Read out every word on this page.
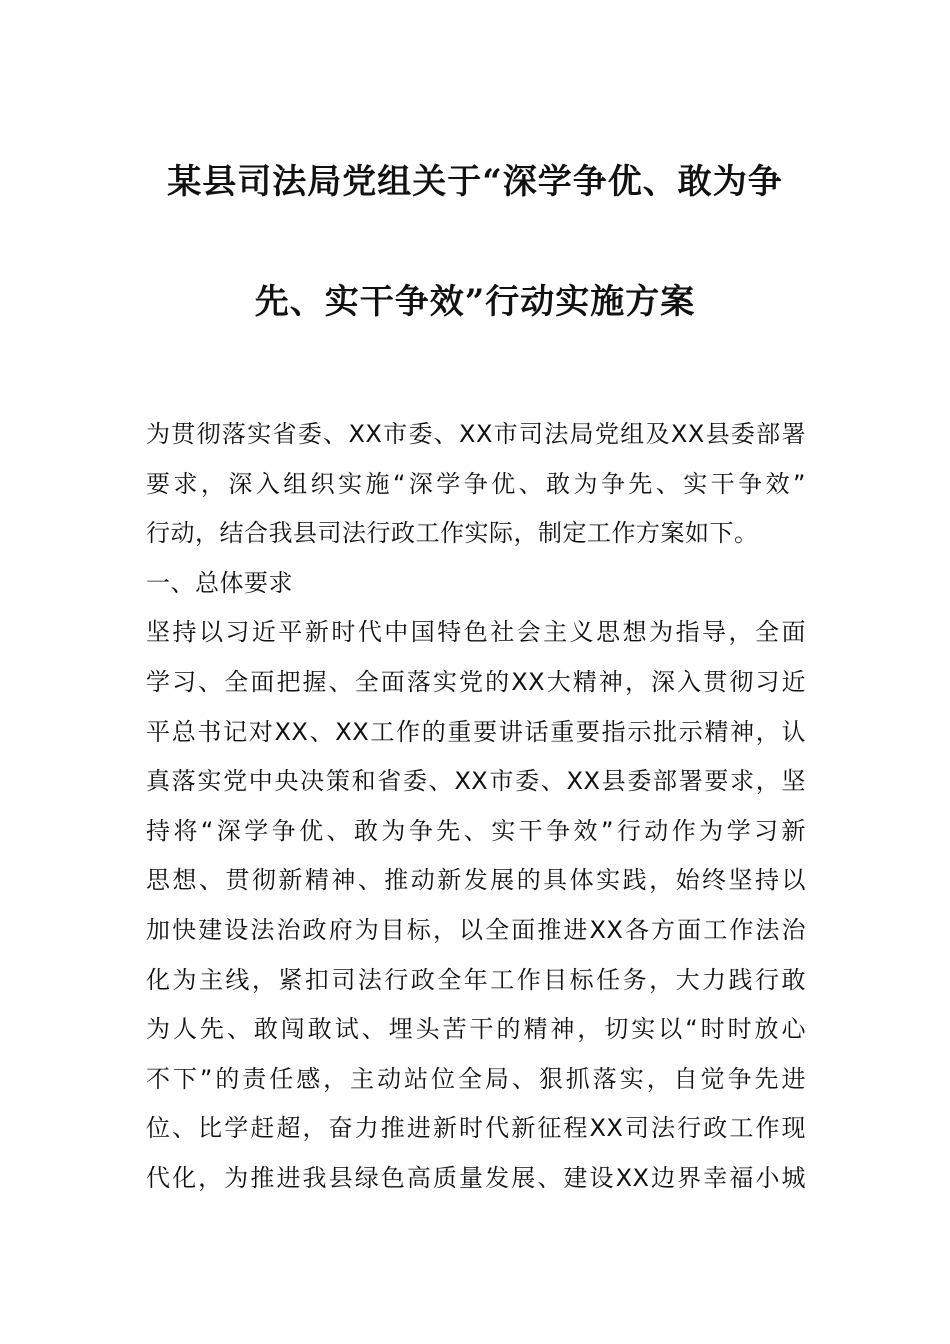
某县司法局党组关于“深学争优、敢为争
先、实干争效”行动实施方案
为贯彻落实省委、XX市委、XX市司法局党组及XX县委部署
要求，深入组织实施“深学争优、敢为争先、实干争效”
行动，结合我县司法行政工作实际，制定工作方案如下。
一、总体要求
坚持以习近平新时代中国特色社会主义思想为指导，全面
学习、全面把握、全面落实党的XX大精神，深入贯彻习近
平总书记对XX、XX工作的重要讲话重要指示批示精神，认
真落实党中央决策和省委、XX市委、XX县委部署要求，坚
持将“深学争优、敢为争先、实干争效”行动作为学习新
思想、贯彻新精神、推动新发展的具体实践，始终坚持以
加快建设法治政府为目标，以全面推进XX各方面工作法治
化为主线，紧扣司法行政全年工作目标任务，大力践行敢
为人先、敢闯敢试、埋头苦干的精神，切实以“时时放心
不下”的责任感，主动站位全局、狠抓落实，自觉争先进
位、比学赶超，奋力推进新时代新征程XX司法行政工作现
代化，为推进我县绿色高质量发展、建设XX边界幸福小城
